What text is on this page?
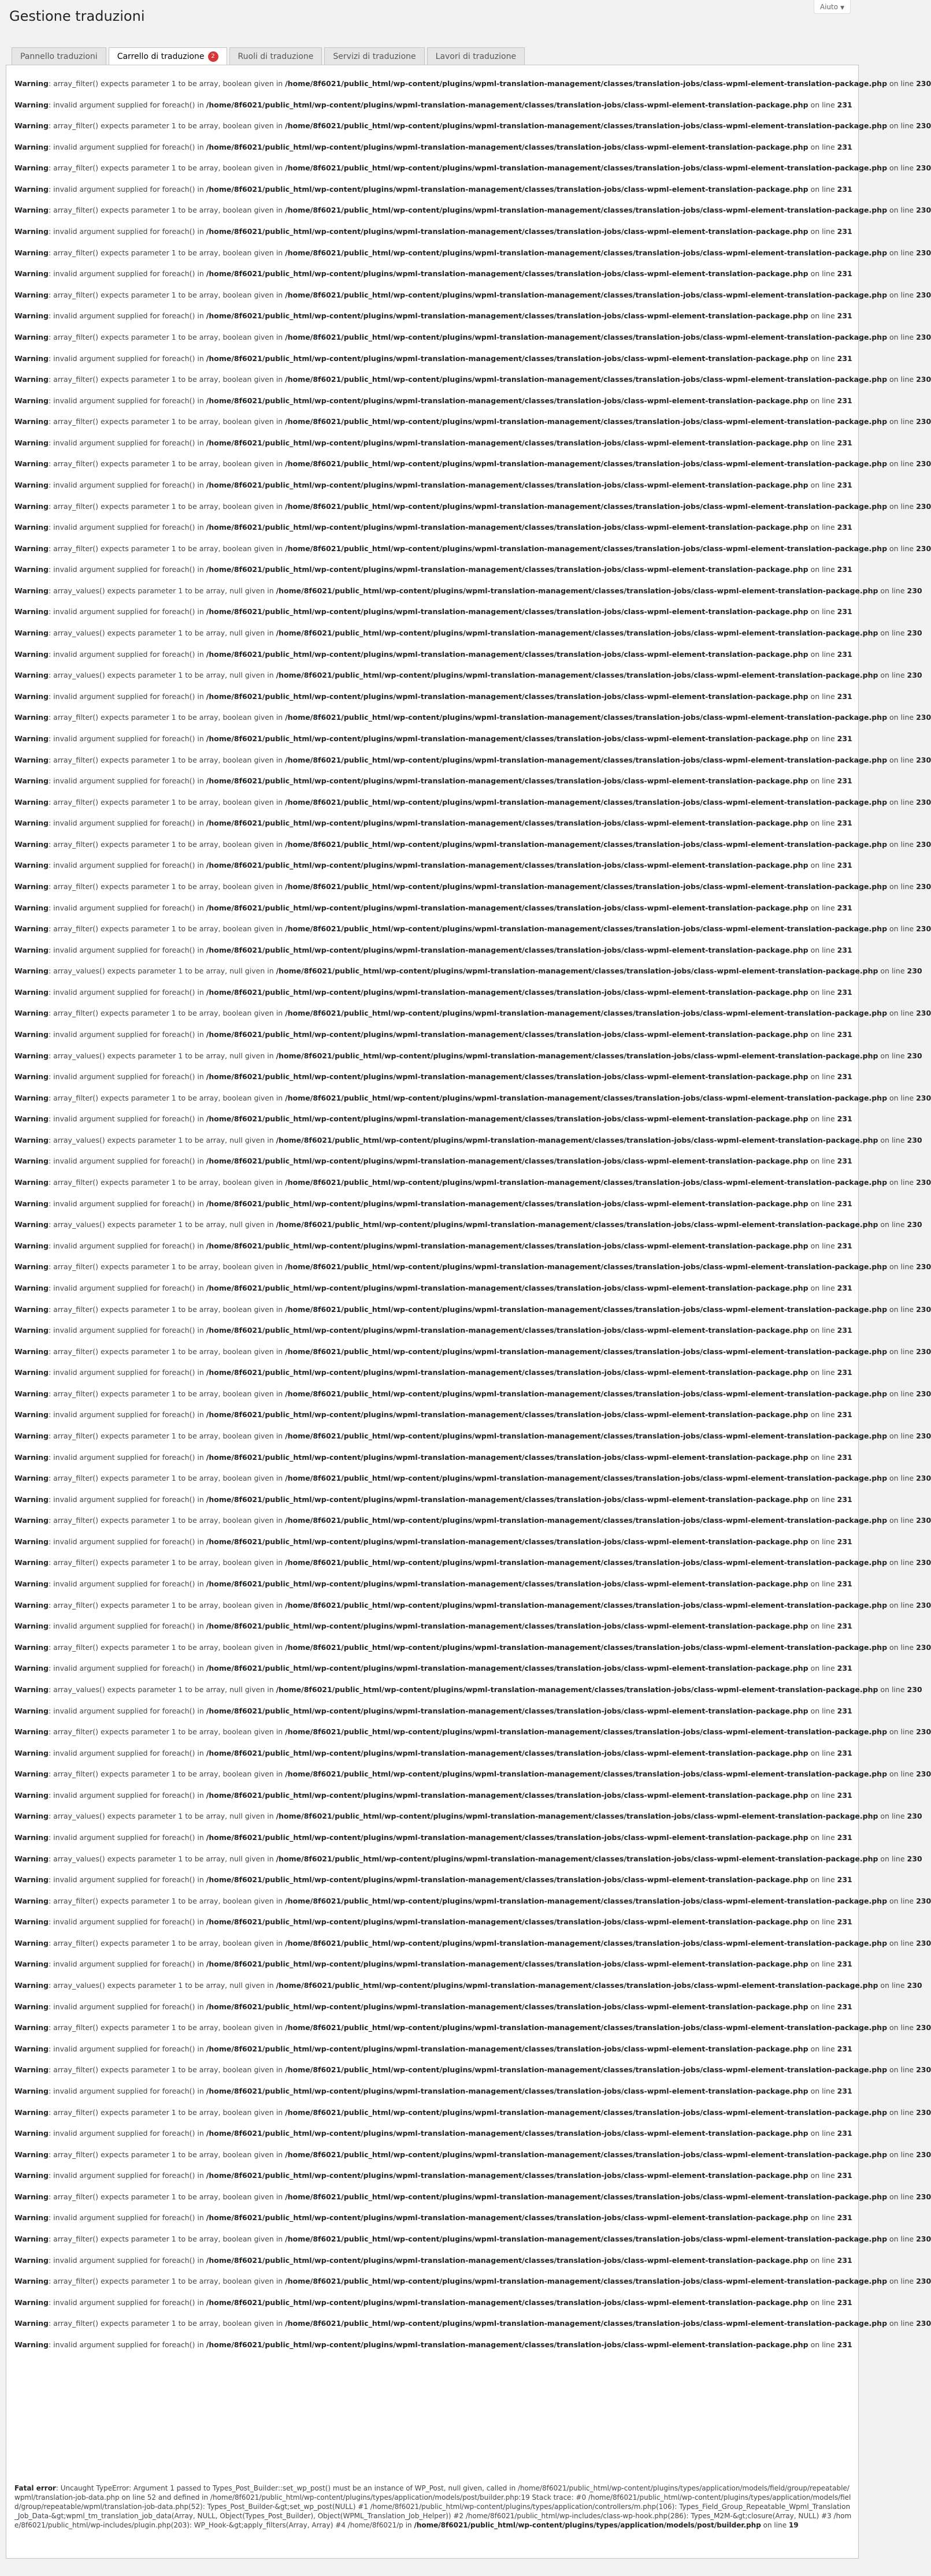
Aiuto ▼
Gestione traduzioni
Pannello traduzioni Carrello di traduzione	2	Ruoli di traduzione Servizi di traduzione Lavori di traduzione
Warning: array_filter() expects parameter 1 to be array, boolean given in /home/8f6021/public_html/wp-content/plugins/wpml-translation-management/classes/translation-jobs/class-wpml-element-translation-package.php on line 230
Warning: invalid argument supplied for foreach() in /home/8f6021/public_html/wp-content/plugins/wpml-translation-management/classes/translation-jobs/class-wpml-element-translation-package.php on line 231
Warning: array_filter() expects parameter 1 to be array, boolean given in /home/8f6021/public_html/wp-content/plugins/wpml-translation-management/classes/translation-jobs/class-wpml-element-translation-package.php on line 230
Warning: invalid argument supplied for foreach() in /home/8f6021/public_html/wp-content/plugins/wpml-translation-management/classes/translation-jobs/class-wpml-element-translation-package.php on line 231
Warning: array_filter() expects parameter 1 to be array, boolean given in /home/8f6021/public_html/wp-content/plugins/wpml-translation-management/classes/translation-jobs/class-wpml-element-translation-package.php on line 230
Warning: invalid argument supplied for foreach() in /home/8f6021/public_html/wp-content/plugins/wpml-translation-management/classes/translation-jobs/class-wpml-element-translation-package.php on line 231
Warning: array_filter() expects parameter 1 to be array, boolean given in /home/8f6021/public_html/wp-content/plugins/wpml-translation-management/classes/translation-jobs/class-wpml-element-translation-package.php on line 230
Warning: invalid argument supplied for foreach() in /home/8f6021/public_html/wp-content/plugins/wpml-translation-management/classes/translation-jobs/class-wpml-element-translation-package.php on line 231
Warning: array_filter() expects parameter 1 to be array, boolean given in /home/8f6021/public_html/wp-content/plugins/wpml-translation-management/classes/translation-jobs/class-wpml-element-translation-package.php on line 230
Warning: invalid argument supplied for foreach() in /home/8f6021/public_html/wp-content/plugins/wpml-translation-management/classes/translation-jobs/class-wpml-element-translation-package.php on line 231
Warning: array_filter() expects parameter 1 to be array, boolean given in /home/8f6021/public_html/wp-content/plugins/wpml-translation-management/classes/translation-jobs/class-wpml-element-translation-package.php on line 230
Warning: invalid argument supplied for foreach() in /home/8f6021/public_html/wp-content/plugins/wpml-translation-management/classes/translation-jobs/class-wpml-element-translation-package.php on line 231
Warning: array_filter() expects parameter 1 to be array, boolean given in /home/8f6021/public_html/wp-content/plugins/wpml-translation-management/classes/translation-jobs/class-wpml-element-translation-package.php on line 230
Warning: invalid argument supplied for foreach() in /home/8f6021/public_html/wp-content/plugins/wpml-translation-management/classes/translation-jobs/class-wpml-element-translation-package.php on line 231
Warning: array_filter() expects parameter 1 to be array, boolean given in /home/8f6021/public_html/wp-content/plugins/wpml-translation-management/classes/translation-jobs/class-wpml-element-translation-package.php on line 230
Warning: invalid argument supplied for foreach() in /home/8f6021/public_html/wp-content/plugins/wpml-translation-management/classes/translation-jobs/class-wpml-element-translation-package.php on line 231
Warning: array_filter() expects parameter 1 to be array, boolean given in /home/8f6021/public_html/wp-content/plugins/wpml-translation-management/classes/translation-jobs/class-wpml-element-translation-package.php on line 230
Warning: invalid argument supplied for foreach() in /home/8f6021/public_html/wp-content/plugins/wpml-translation-management/classes/translation-jobs/class-wpml-element-translation-package.php on line 231
Warning: array_filter() expects parameter 1 to be array, boolean given in /home/8f6021/public_html/wp-content/plugins/wpml-translation-management/classes/translation-jobs/class-wpml-element-translation-package.php on line 230
Warning: invalid argument supplied for foreach() in /home/8f6021/public_html/wp-content/plugins/wpml-translation-management/classes/translation-jobs/class-wpml-element-translation-package.php on line 231
Warning: array_filter() expects parameter 1 to be array, boolean given in /home/8f6021/public_html/wp-content/plugins/wpml-translation-management/classes/translation-jobs/class-wpml-element-translation-package.php on line 230
Warning: invalid argument supplied for foreach() in /home/8f6021/public_html/wp-content/plugins/wpml-translation-management/classes/translation-jobs/class-wpml-element-translation-package.php on line 231
Warning: array_filter() expects parameter 1 to be array, boolean given in /home/8f6021/public_html/wp-content/plugins/wpml-translation-management/classes/translation-jobs/class-wpml-element-translation-package.php on line 230
Warning: invalid argument supplied for foreach() in /home/8f6021/public_html/wp-content/plugins/wpml-translation-management/classes/translation-jobs/class-wpml-element-translation-package.php on line 231
Warning: array_values() expects parameter 1 to be array, null given in /home/8f6021/public_html/wp-content/plugins/wpml-translation-management/classes/translation-jobs/class-wpml-element-translation-package.php on line 230
Warning: invalid argument supplied for foreach() in /home/8f6021/public_html/wp-content/plugins/wpml-translation-management/classes/translation-jobs/class-wpml-element-translation-package.php on line 231
Warning: array_values() expects parameter 1 to be array, null given in /home/8f6021/public_html/wp-content/plugins/wpml-translation-management/classes/translation-jobs/class-wpml-element-translation-package.php on line 230
Warning: invalid argument supplied for foreach() in /home/8f6021/public_html/wp-content/plugins/wpml-translation-management/classes/translation-jobs/class-wpml-element-translation-package.php on line 231
Warning: array_values() expects parameter 1 to be array, null given in /home/8f6021/public_html/wp-content/plugins/wpml-translation-management/classes/translation-jobs/class-wpml-element-translation-package.php on line 230
Warning: invalid argument supplied for foreach() in /home/8f6021/public_html/wp-content/plugins/wpml-translation-management/classes/translation-jobs/class-wpml-element-translation-package.php on line 231
Warning: array_filter() expects parameter 1 to be array, boolean given in /home/8f6021/public_html/wp-content/plugins/wpml-translation-management/classes/translation-jobs/class-wpml-element-translation-package.php on line 230
Warning: invalid argument supplied for foreach() in /home/8f6021/public_html/wp-content/plugins/wpml-translation-management/classes/translation-jobs/class-wpml-element-translation-package.php on line 231
Warning: array_filter() expects parameter 1 to be array, boolean given in /home/8f6021/public_html/wp-content/plugins/wpml-translation-management/classes/translation-jobs/class-wpml-element-translation-package.php on line 230
Warning: invalid argument supplied for foreach() in /home/8f6021/public_html/wp-content/plugins/wpml-translation-management/classes/translation-jobs/class-wpml-element-translation-package.php on line 231
Warning: array_filter() expects parameter 1 to be array, boolean given in /home/8f6021/public_html/wp-content/plugins/wpml-translation-management/classes/translation-jobs/class-wpml-element-translation-package.php on line 230
Warning: invalid argument supplied for foreach() in /home/8f6021/public_html/wp-content/plugins/wpml-translation-management/classes/translation-jobs/class-wpml-element-translation-package.php on line 231
Warning: array_filter() expects parameter 1 to be array, boolean given in /home/8f6021/public_html/wp-content/plugins/wpml-translation-management/classes/translation-jobs/class-wpml-element-translation-package.php on line 230
Warning: invalid argument supplied for foreach() in /home/8f6021/public_html/wp-content/plugins/wpml-translation-management/classes/translation-jobs/class-wpml-element-translation-package.php on line 231
Warning: array_filter() expects parameter 1 to be array, boolean given in /home/8f6021/public_html/wp-content/plugins/wpml-translation-management/classes/translation-jobs/class-wpml-element-translation-package.php on line 230
Warning: invalid argument supplied for foreach() in /home/8f6021/public_html/wp-content/plugins/wpml-translation-management/classes/translation-jobs/class-wpml-element-translation-package.php on line 231
Warning: array_filter() expects parameter 1 to be array, boolean given in /home/8f6021/public_html/wp-content/plugins/wpml-translation-management/classes/translation-jobs/class-wpml-element-translation-package.php on line 230
Warning: invalid argument supplied for foreach() in /home/8f6021/public_html/wp-content/plugins/wpml-translation-management/classes/translation-jobs/class-wpml-element-translation-package.php on line 231
Warning: array_values() expects parameter 1 to be array, null given in /home/8f6021/public_html/wp-content/plugins/wpml-translation-management/classes/translation-jobs/class-wpml-element-translation-package.php on line 230
Warning: invalid argument supplied for foreach() in /home/8f6021/public_html/wp-content/plugins/wpml-translation-management/classes/translation-jobs/class-wpml-element-translation-package.php on line 231
Warning: array_filter() expects parameter 1 to be array, boolean given in /home/8f6021/public_html/wp-content/plugins/wpml-translation-management/classes/translation-jobs/class-wpml-element-translation-package.php on line 230
Warning: invalid argument supplied for foreach() in /home/8f6021/public_html/wp-content/plugins/wpml-translation-management/classes/translation-jobs/class-wpml-element-translation-package.php on line 231
Warning: array_values() expects parameter 1 to be array, null given in /home/8f6021/public_html/wp-content/plugins/wpml-translation-management/classes/translation-jobs/class-wpml-element-translation-package.php on line 230
Warning: invalid argument supplied for foreach() in /home/8f6021/public_html/wp-content/plugins/wpml-translation-management/classes/translation-jobs/class-wpml-element-translation-package.php on line 231
Warning: array_filter() expects parameter 1 to be array, boolean given in /home/8f6021/public_html/wp-content/plugins/wpml-translation-management/classes/translation-jobs/class-wpml-element-translation-package.php on line 230
Warning: invalid argument supplied for foreach() in /home/8f6021/public_html/wp-content/plugins/wpml-translation-management/classes/translation-jobs/class-wpml-element-translation-package.php on line 231
Warning: array_values() expects parameter 1 to be array, null given in /home/8f6021/public_html/wp-content/plugins/wpml-translation-management/classes/translation-jobs/class-wpml-element-translation-package.php on line 230
Warning: invalid argument supplied for foreach() in /home/8f6021/public_html/wp-content/plugins/wpml-translation-management/classes/translation-jobs/class-wpml-element-translation-package.php on line 231
Warning: array_filter() expects parameter 1 to be array, boolean given in /home/8f6021/public_html/wp-content/plugins/wpml-translation-management/classes/translation-jobs/class-wpml-element-translation-package.php on line 230
Warning: invalid argument supplied for foreach() in /home/8f6021/public_html/wp-content/plugins/wpml-translation-management/classes/translation-jobs/class-wpml-element-translation-package.php on line 231
Warning: array_values() expects parameter 1 to be array, null given in /home/8f6021/public_html/wp-content/plugins/wpml-translation-management/classes/translation-jobs/class-wpml-element-translation-package.php on line 230
Warning: invalid argument supplied for foreach() in /home/8f6021/public_html/wp-content/plugins/wpml-translation-management/classes/translation-jobs/class-wpml-element-translation-package.php on line 231
Warning: array_filter() expects parameter 1 to be array, boolean given in /home/8f6021/public_html/wp-content/plugins/wpml-translation-management/classes/translation-jobs/class-wpml-element-translation-package.php on line 230
Warning: invalid argument supplied for foreach() in /home/8f6021/public_html/wp-content/plugins/wpml-translation-management/classes/translation-jobs/class-wpml-element-translation-package.php on line 231
Warning: array_filter() expects parameter 1 to be array, boolean given in /home/8f6021/public_html/wp-content/plugins/wpml-translation-management/classes/translation-jobs/class-wpml-element-translation-package.php on line 230
Warning: invalid argument supplied for foreach() in /home/8f6021/public_html/wp-content/plugins/wpml-translation-management/classes/translation-jobs/class-wpml-element-translation-package.php on line 231
Warning: array_filter() expects parameter 1 to be array, boolean given in /home/8f6021/public_html/wp-content/plugins/wpml-translation-management/classes/translation-jobs/class-wpml-element-translation-package.php on line 230
Warning: invalid argument supplied for foreach() in /home/8f6021/public_html/wp-content/plugins/wpml-translation-management/classes/translation-jobs/class-wpml-element-translation-package.php on line 231
Warning: array_filter() expects parameter 1 to be array, boolean given in /home/8f6021/public_html/wp-content/plugins/wpml-translation-management/classes/translation-jobs/class-wpml-element-translation-package.php on line 230
Warning: invalid argument supplied for foreach() in /home/8f6021/public_html/wp-content/plugins/wpml-translation-management/classes/translation-jobs/class-wpml-element-translation-package.php on line 231
Warning: array_filter() expects parameter 1 to be array, boolean given in /home/8f6021/public_html/wp-content/plugins/wpml-translation-management/classes/translation-jobs/class-wpml-element-translation-package.php on line 230
Warning: invalid argument supplied for foreach() in /home/8f6021/public_html/wp-content/plugins/wpml-translation-management/classes/translation-jobs/class-wpml-element-translation-package.php on line 231
Warning: array_filter() expects parameter 1 to be array, boolean given in /home/8f6021/public_html/wp-content/plugins/wpml-translation-management/classes/translation-jobs/class-wpml-element-translation-package.php on line 230
Warning: invalid argument supplied for foreach() in /home/8f6021/public_html/wp-content/plugins/wpml-translation-management/classes/translation-jobs/class-wpml-element-translation-package.php on line 231
Warning: array_filter() expects parameter 1 to be array, boolean given in /home/8f6021/public_html/wp-content/plugins/wpml-translation-management/classes/translation-jobs/class-wpml-element-translation-package.php on line 230
Warning: invalid argument supplied for foreach() in /home/8f6021/public_html/wp-content/plugins/wpml-translation-management/classes/translation-jobs/class-wpml-element-translation-package.php on line 231
Warning: array_filter() expects parameter 1 to be array, boolean given in /home/8f6021/public_html/wp-content/plugins/wpml-translation-management/classes/translation-jobs/class-wpml-element-translation-package.php on line 230
Warning: invalid argument supplied for foreach() in /home/8f6021/public_html/wp-content/plugins/wpml-translation-management/classes/translation-jobs/class-wpml-element-translation-package.php on line 231
Warning: array_filter() expects parameter 1 to be array, boolean given in /home/8f6021/public_html/wp-content/plugins/wpml-translation-management/classes/translation-jobs/class-wpml-element-translation-package.php on line 230
Warning: invalid argument supplied for foreach() in /home/8f6021/public_html/wp-content/plugins/wpml-translation-management/classes/translation-jobs/class-wpml-element-translation-package.php on line 231
Warning: array_filter() expects parameter 1 to be array, boolean given in /home/8f6021/public_html/wp-content/plugins/wpml-translation-management/classes/translation-jobs/class-wpml-element-translation-package.php on line 230
Warning: invalid argument supplied for foreach() in /home/8f6021/public_html/wp-content/plugins/wpml-translation-management/classes/translation-jobs/class-wpml-element-translation-package.php on line 231
Warning: array_values() expects parameter 1 to be array, null given in /home/8f6021/public_html/wp-content/plugins/wpml-translation-management/classes/translation-jobs/class-wpml-element-translation-package.php on line 230
Warning: invalid argument supplied for foreach() in /home/8f6021/public_html/wp-content/plugins/wpml-translation-management/classes/translation-jobs/class-wpml-element-translation-package.php on line 231
Warning: array_filter() expects parameter 1 to be array, boolean given in /home/8f6021/public_html/wp-content/plugins/wpml-translation-management/classes/translation-jobs/class-wpml-element-translation-package.php on line 230
Warning: invalid argument supplied for foreach() in /home/8f6021/public_html/wp-content/plugins/wpml-translation-management/classes/translation-jobs/class-wpml-element-translation-package.php on line 231
Warning: array_filter() expects parameter 1 to be array, boolean given in /home/8f6021/public_html/wp-content/plugins/wpml-translation-management/classes/translation-jobs/class-wpml-element-translation-package.php on line 230
Warning: invalid argument supplied for foreach() in /home/8f6021/public_html/wp-content/plugins/wpml-translation-management/classes/translation-jobs/class-wpml-element-translation-package.php on line 231
Warning: array_values() expects parameter 1 to be array, null given in /home/8f6021/public_html/wp-content/plugins/wpml-translation-management/classes/translation-jobs/class-wpml-element-translation-package.php on line 230
Warning: invalid argument supplied for foreach() in /home/8f6021/public_html/wp-content/plugins/wpml-translation-management/classes/translation-jobs/class-wpml-element-translation-package.php on line 231
Warning: array_values() expects parameter 1 to be array, null given in /home/8f6021/public_html/wp-content/plugins/wpml-translation-management/classes/translation-jobs/class-wpml-element-translation-package.php on line 230
Warning: invalid argument supplied for foreach() in /home/8f6021/public_html/wp-content/plugins/wpml-translation-management/classes/translation-jobs/class-wpml-element-translation-package.php on line 231
Warning: array_filter() expects parameter 1 to be array, boolean given in /home/8f6021/public_html/wp-content/plugins/wpml-translation-management/classes/translation-jobs/class-wpml-element-translation-package.php on line 230
Warning: invalid argument supplied for foreach() in /home/8f6021/public_html/wp-content/plugins/wpml-translation-management/classes/translation-jobs/class-wpml-element-translation-package.php on line 231
Warning: array_filter() expects parameter 1 to be array, boolean given in /home/8f6021/public_html/wp-content/plugins/wpml-translation-management/classes/translation-jobs/class-wpml-element-translation-package.php on line 230
Warning: invalid argument supplied for foreach() in /home/8f6021/public_html/wp-content/plugins/wpml-translation-management/classes/translation-jobs/class-wpml-element-translation-package.php on line 231
Warning: array_values() expects parameter 1 to be array, null given in /home/8f6021/public_html/wp-content/plugins/wpml-translation-management/classes/translation-jobs/class-wpml-element-translation-package.php on line 230
Warning: invalid argument supplied for foreach() in /home/8f6021/public_html/wp-content/plugins/wpml-translation-management/classes/translation-jobs/class-wpml-element-translation-package.php on line 231
Warning: array_filter() expects parameter 1 to be array, boolean given in /home/8f6021/public_html/wp-content/plugins/wpml-translation-management/classes/translation-jobs/class-wpml-element-translation-package.php on line 230
Warning: invalid argument supplied for foreach() in /home/8f6021/public_html/wp-content/plugins/wpml-translation-management/classes/translation-jobs/class-wpml-element-translation-package.php on line 231
Warning: array_filter() expects parameter 1 to be array, boolean given in /home/8f6021/public_html/wp-content/plugins/wpml-translation-management/classes/translation-jobs/class-wpml-element-translation-package.php on line 230
Warning: invalid argument supplied for foreach() in /home/8f6021/public_html/wp-content/plugins/wpml-translation-management/classes/translation-jobs/class-wpml-element-translation-package.php on line 231
Warning: array_filter() expects parameter 1 to be array, boolean given in /home/8f6021/public_html/wp-content/plugins/wpml-translation-management/classes/translation-jobs/class-wpml-element-translation-package.php on line 230
Warning: invalid argument supplied for foreach() in /home/8f6021/public_html/wp-content/plugins/wpml-translation-management/classes/translation-jobs/class-wpml-element-translation-package.php on line 231
Warning: array_filter() expects parameter 1 to be array, boolean given in /home/8f6021/public_html/wp-content/plugins/wpml-translation-management/classes/translation-jobs/class-wpml-element-translation-package.php on line 230
Warning: invalid argument supplied for foreach() in /home/8f6021/public_html/wp-content/plugins/wpml-translation-management/classes/translation-jobs/class-wpml-element-translation-package.php on line 231
Warning: array_filter() expects parameter 1 to be array, boolean given in /home/8f6021/public_html/wp-content/plugins/wpml-translation-management/classes/translation-jobs/class-wpml-element-translation-package.php on line 230
Warning: invalid argument supplied for foreach() in /home/8f6021/public_html/wp-content/plugins/wpml-translation-management/classes/translation-jobs/class-wpml-element-translation-package.php on line 231
Warning: array_filter() expects parameter 1 to be array, boolean given in /home/8f6021/public_html/wp-content/plugins/wpml-translation-management/classes/translation-jobs/class-wpml-element-translation-package.php on line 230
Warning: invalid argument supplied for foreach() in /home/8f6021/public_html/wp-content/plugins/wpml-translation-management/classes/translation-jobs/class-wpml-element-translation-package.php on line 231
Warning: array_filter() expects parameter 1 to be array, boolean given in /home/8f6021/public_html/wp-content/plugins/wpml-translation-management/classes/translation-jobs/class-wpml-element-translation-package.php on line 230
Warning: invalid argument supplied for foreach() in /home/8f6021/public_html/wp-content/plugins/wpml-translation-management/classes/translation-jobs/class-wpml-element-translation-package.php on line 231
Warning: array_filter() expects parameter 1 to be array, boolean given in /home/8f6021/public_html/wp-content/plugins/wpml-translation-management/classes/translation-jobs/class-wpml-element-translation-package.php on line 230
Warning: invalid argument supplied for foreach() in /home/8f6021/public_html/wp-content/plugins/wpml-translation-management/classes/translation-jobs/class-wpml-element-translation-package.php on line 231
Fatal error: Uncaught TypeError: Argument 1 passed to Types_Post_Builder::set_wp_post() must be an instance of WP_Post, null given, called in /home/8f6021/public_html/wp-content/plugins/types/application/models/field/group/repeatable/wpml/translation-job-data.php on line 52 and defined in /home/8f6021/public_html/wp-content/plugins/types/application/models/post/builder.php:19 Stack trace: #0 /home/8f6021/public_html/wp-content/plugins/types/application/models/field/group/repeatable/wpml/translation-job-data.php(52): Types_Post_Builder-&gt;set_wp_post(NULL) #1 /home/8f6021/public_html/wp-content/plugins/types/application/controllers/m.php(106): Types_Field_Group_Repeatable_Wpml_Translation_Job_Data-&gt;wpml_tm_translation_job_data(Array, NULL, Object(Types_Post_Builder), Object(WPML_Translation_Job_Helper)) #2 /home/8f6021/public_html/wp-includes/class-wp-hook.php(286): Types_M2M-&gt;closure(Array, NULL) #3 /home/8f6021/public_html/wp-includes/plugin.php(203): WP_Hook-&gt;apply_filters(Array, Array) #4 /home/8f6021/p in /home/8f6021/public_html/wp-content/plugins/types/application/models/post/builder.php on line 19
